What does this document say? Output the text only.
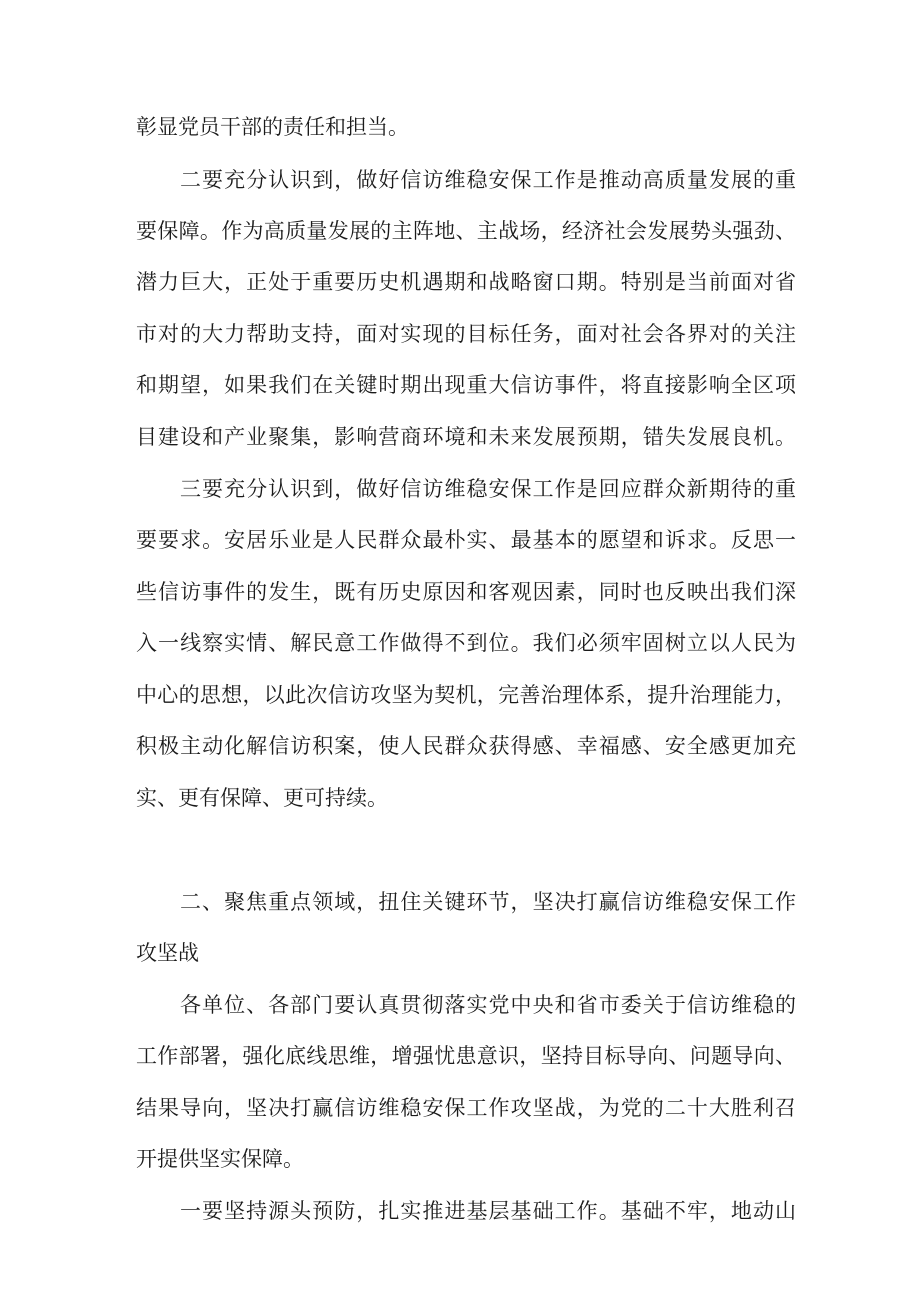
彰显党员干部的责任和担当。

二要充分认识到，做好信访维稳安保工作是推动高质量发展的重

要保障。作为高质量发展的主阵地、主战场，经济社会发展势头强劲、

潜力巨大，正处于重要历史机遇期和战略窗口期。特别是当前面对省

市对的大力帮助支持，面对实现的目标任务，面对社会各界对的关注

和期望，如果我们在关键时期出现重大信访事件，将直接影响全区项

目建设和产业聚集，影响营商环境和未来发展预期，错失发展良机。

三要充分认识到，做好信访维稳安保工作是回应群众新期待的重

要要求。安居乐业是人民群众最朴实、最基本的愿望和诉求。反思一

些信访事件的发生，既有历史原因和客观因素，同时也反映出我们深

入一线察实情、解民意工作做得不到位。我们必须牢固树立以人民为

中心的思想，以此次信访攻坚为契机，完善治理体系，提升治理能力，

积极主动化解信访积案，使人民群众获得感、幸福感、安全感更加充

实、更有保障、更可持续。

二、聚焦重点领域，扭住关键环节，坚决打赢信访维稳安保工作

攻坚战

各单位、各部门要认真贯彻落实党中央和省市委关于信访维稳的

工作部署，强化底线思维，增强忧患意识，坚持目标导向、问题导向、

结果导向，坚决打赢信访维稳安保工作攻坚战，为党的二十大胜利召

开提供坚实保障。

一要坚持源头预防，扎实推进基层基础工作。基础不牢，地动山
